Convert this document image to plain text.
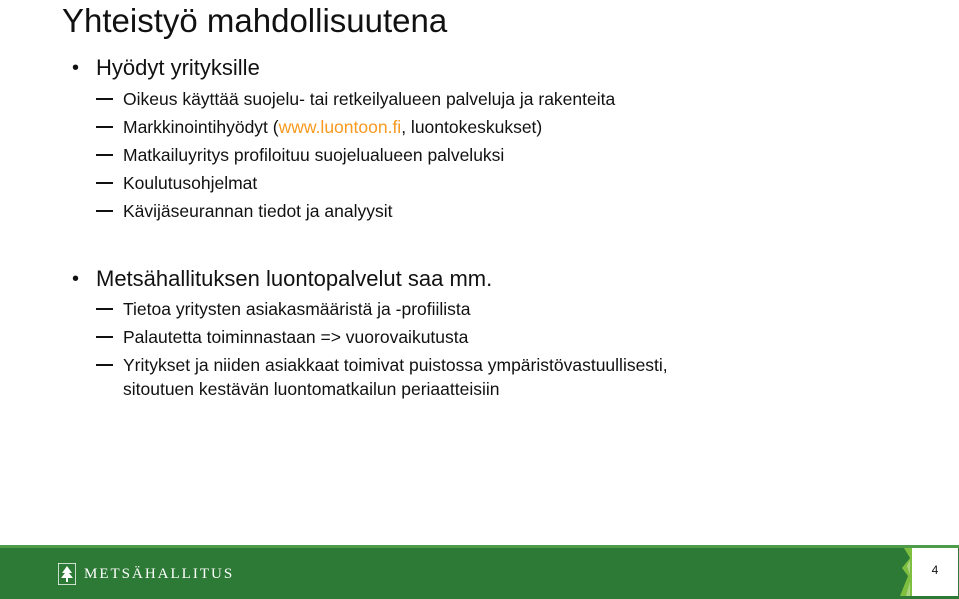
Yhteistyö mahdollisuutena
• Hyödyt yrityksille
Oikeus käyttää suojelu- tai retkeilyalueen palveluja ja rakenteita
Markkinointihyödyt (www.luontoon.fi, luontokeskukset)
Matkailuyritys profiloituu suojelualueen palveluksi
Koulutusohjelmat
Kävijäseurannan tiedot ja analyysit
• Metsähallituksen luontopalvelut saa mm.
Tietoa yritysten asiakasmääristä ja -profiilista
Palautetta toiminnastaan => vuorovaikutusta
Yritykset ja niiden asiakkaat toimivat puistossa ympäristövastuullisesti,
sitoutuen kestävän luontomatkailun periaatteisiin
METSÄHALLITUS	4
